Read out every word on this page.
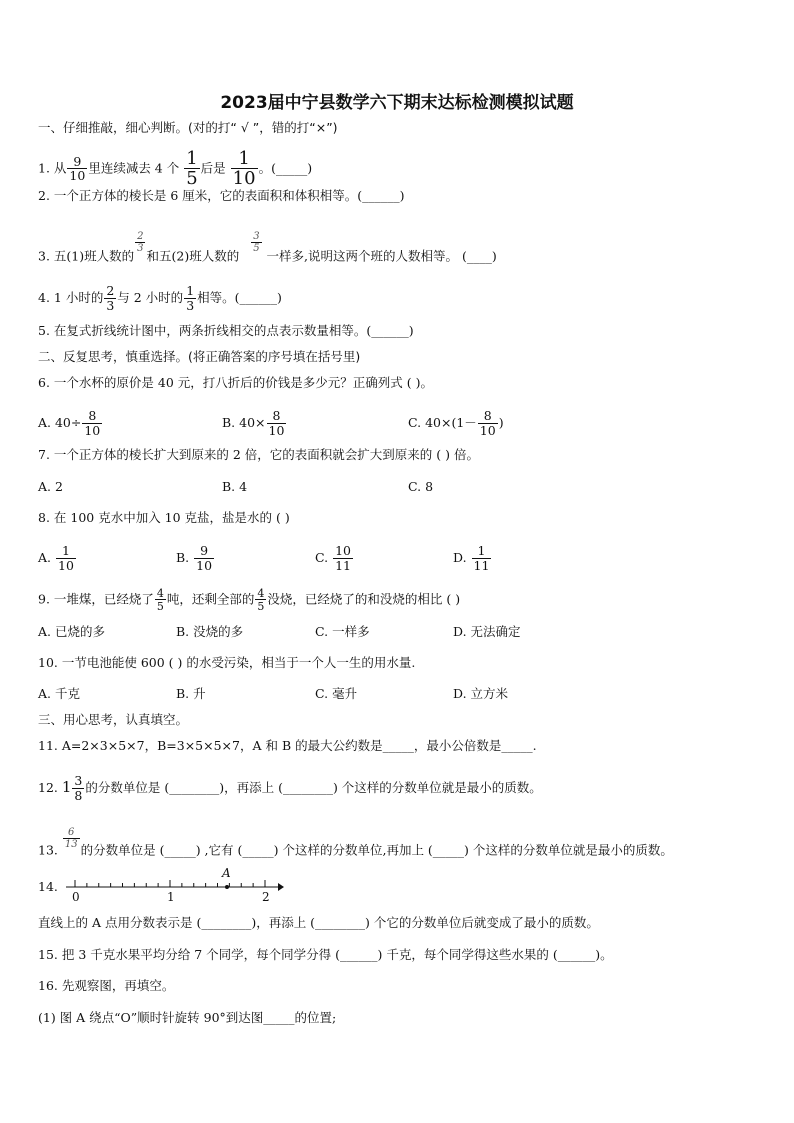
2023届中宁县数学六下期末达标检测模拟试题
一、仔细推敲，细心判断。(对的打“ √ ”，错的打“×”)
1. 从 $\frac{9}{10}$ 里连续减去 4 个 $\frac{1}{5}$ 后是 $\frac{1}{10}$ 。(_____)
2. 一个正方体的棱长是 6 厘米，它的表面积和体积相等。(______)
3. 五(1)班人数的
$\frac{2}{3}$
和五(2)班人数的
$\frac{3}{5}$
一样多,说明这两个班的人数相等。 (____)
4. 1 小时的 $\frac{2}{3}$ 与 2 小时的 $\frac{1}{3}$ 相等。(______)
5. 在复式折线统计图中，两条折线相交的点表示数量相等。(______)
二、反复思考，慎重选择。(将正确答案的序号填在括号里)
6. 一个水杯的原价是 40 元，打八折后的价钱是多少元？正确列式 ( )。
A. $40\div \frac{8}{10}$	B. $40\times \frac{8}{10}$	C. $40\times(1- \frac{8}{10}$ )
7. 一个正方体的棱长扩大到原来的 2 倍，它的表面积就会扩大到原来的 ( ) 倍。
A. 2	B. 4	C. 8
8. 在 100 克水中加入 10 克盐，盐是水的 ( )
A. $\frac{1}{10}$	B. $\frac{9}{10}$	C. $\frac{10}{11}$	D. $\frac{1}{11}$
9. 一堆煤，已经烧了 $\frac{4}{5}$ 吨，还剩全部的 $\frac{4}{5}$ 没烧，已经烧了的和没烧的相比 ( )
A. 已烧的多	B. 没烧的多	C. 一样多	D. 无法确定
10. 一节电池能使 600 ( ) 的水受污染，相当于一个人一生的用水量.
A. 千克	B. 升	C. 毫升	D. 立方米
三、用心思考，认真填空。
11. A=2×3×5×7，B=3×5×5×7，A 和 B 的最大公约数是_____，最小公倍数是_____.
12. $1 \frac{3}{8}$ 的分数单位是 (________)，再添上 (________) 个这样的分数单位就是最小的质数。
13. $\frac{6}{13}$ 的分数单位是 (_____) ,它有 (_____) 个这样的分数单位,再加上 (_____) 个这样的分数单位就是最小的质数。
14.
A
0	1	2
直线上的 A 点用分数表示是 (________)，再添上 (________) 个它的分数单位后就变成了最小的质数。
15. 把 3 千克水果平均分给 7 个同学，每个同学分得 (______) 千克，每个同学得这些水果的 (______)。
16. 先观察图，再填空。
(1) 图 A 绕点“O”顺时针旋转 90°到达图_____的位置;
